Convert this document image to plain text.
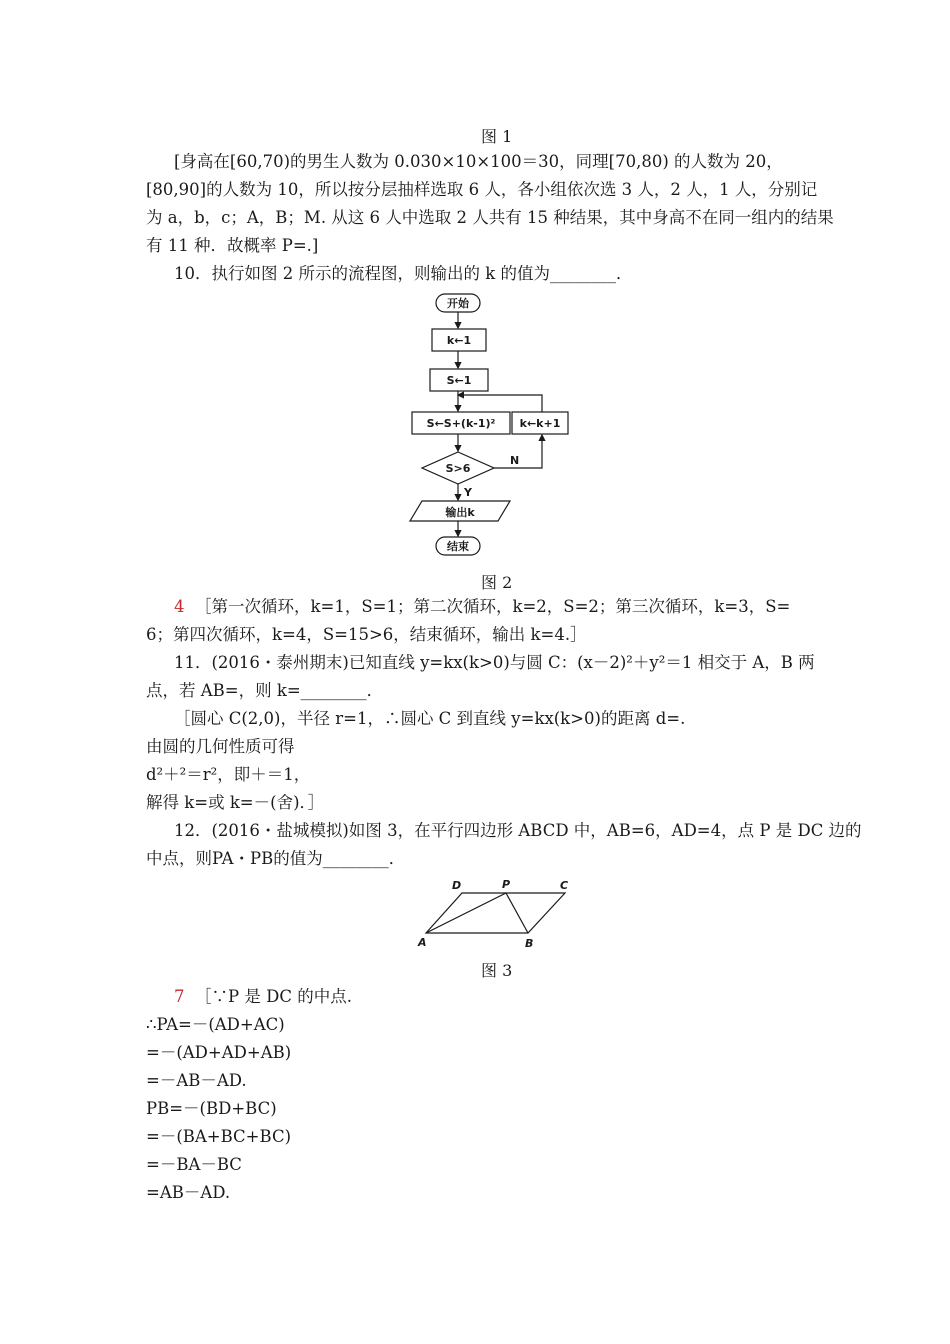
图 1
[身高在[60,70)的男生人数为 0.030×10×100＝30，同理[70,80) 的人数为 20，
[80,90]的人数为 10，所以按分层抽样选取 6 人，各小组依次选 3 人，2 人，1 人，分别记
为 a，b，c；A，B；M. 从这 6 人中选取 2 人共有 15 种结果，其中身高不在同一组内的结果
有 11 种．故概率 P=.]
10．执行如图 2 所示的流程图，则输出的 k 的值为________．
开始
k←1
S←1
S←S+(k-1)² k←k+1
S>6
N
Y
输出k
结束
图 2
4 ［第一次循环，k=1，S=1；第二次循环，k=2，S=2；第三次循环，k=3，S=
6；第四次循环，k=4，S=15>6，结束循环，输出 k=4.］
11．(2016・泰州期末)已知直线 y=kx(k>0)与圆 C：(x－2)²＋y²＝1 相交于 A，B 两
点，若 AB=，则 k=________．
［圆心 C(2,0)，半径 r=1，∴圆心 C 到直线 y=kx(k>0)的距离 d=.
由圆的几何性质可得
d²＋²＝r²，即＋＝1，
解得 k=或 k=－(舍)．］
12．(2016・盐城模拟)如图 3，在平行四边形 ABCD 中，AB=6，AD=4，点 P 是 DC 边的
中点，则PA・PB的值为________．
A	B
C
D	P
图 3
7 ［∵P 是 DC 的中点.
∴PA=－(AD+AC)
=－(AD+AD+AB)
=－AB－AD.
PB=－(BD+BC)
=－(BA+BC+BC)
=－BA－BC
=AB－AD.
